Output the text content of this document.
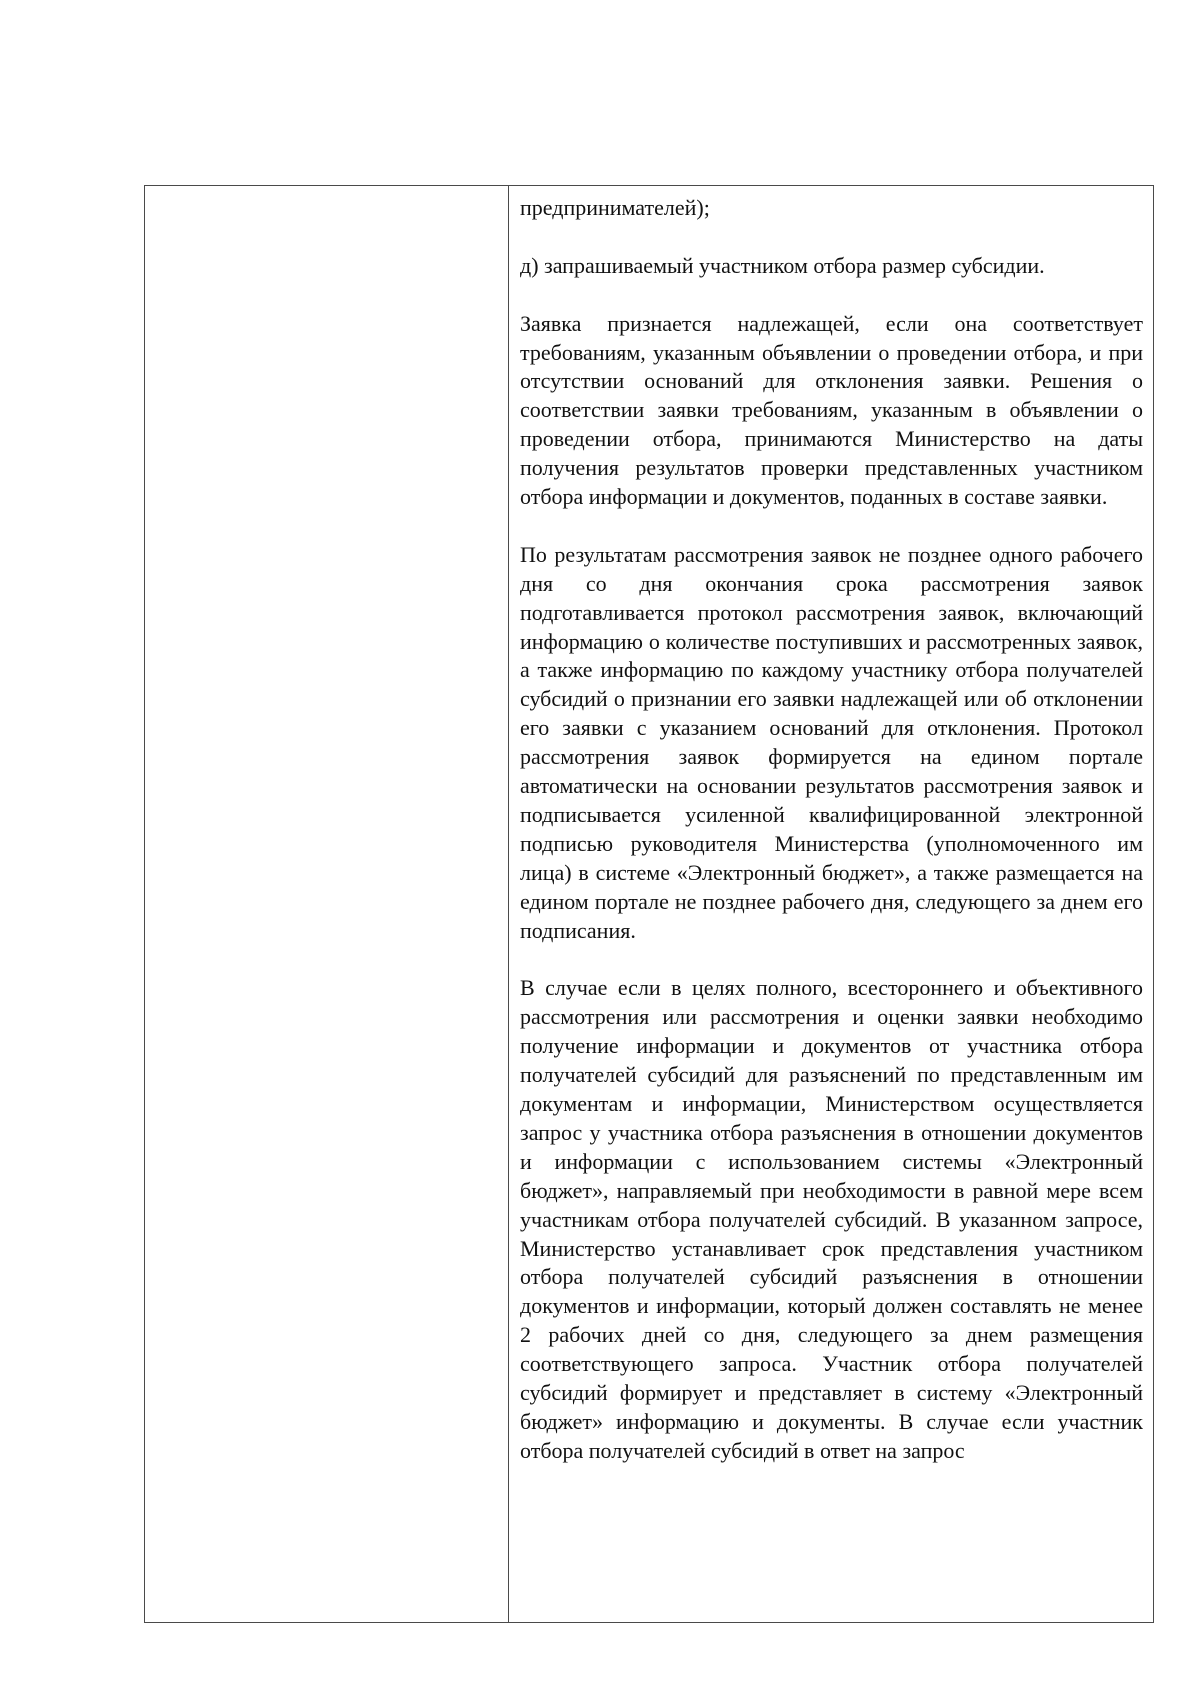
предпринимателей);

д) запрашиваемый участником отбора размер субсидии.

Заявка признается надлежащей, если она соответствует требованиям, указанным объявлении о проведении отбора, и при отсутствии оснований для отклонения заявки. Решения о соответствии заявки требованиям, указанным в объявлении о проведении отбора, принимаются Министерство на даты получения результатов проверки представленных участником отбора информации и документов, поданных в составе заявки.

По результатам рассмотрения заявок не позднее одного рабочего дня со дня окончания срока рассмотрения заявок подготавливается протокол рассмотрения заявок, включающий информацию о количестве поступивших и рассмотренных заявок, а также информацию по каждому участнику отбора получателей субсидий о признании его заявки надлежащей или об отклонении его заявки с указанием оснований для отклонения. Протокол рассмотрения заявок формируется на едином портале автоматически на основании результатов рассмотрения заявок и подписывается усиленной квалифицированной электронной подписью руководителя Министерства (уполномоченного им лица) в системе «Электронный бюджет», а также размещается на едином портале не позднее рабочего дня, следующего за днем его подписания.

В случае если в целях полного, всестороннего и объективного рассмотрения или рассмотрения и оценки заявки необходимо получение информации и документов от участника отбора получателей субсидий для разъяснений по представленным им документам и информации, Министерством осуществляется запрос у участника отбора разъяснения в отношении документов и информации с использованием системы «Электронный бюджет», направляемый при необходимости в равной мере всем участникам отбора получателей субсидий. В указанном запросе, Министерство устанавливает срок представления участником отбора получателей субсидий разъяснения в отношении документов и информации, который должен составлять не менее 2 рабочих дней со дня, следующего за днем размещения соответствующего запроса. Участник отбора получателей субсидий формирует и представляет в систему «Электронный бюджет» информацию и документы. В случае если участник отбора получателей субсидий в ответ на запрос
